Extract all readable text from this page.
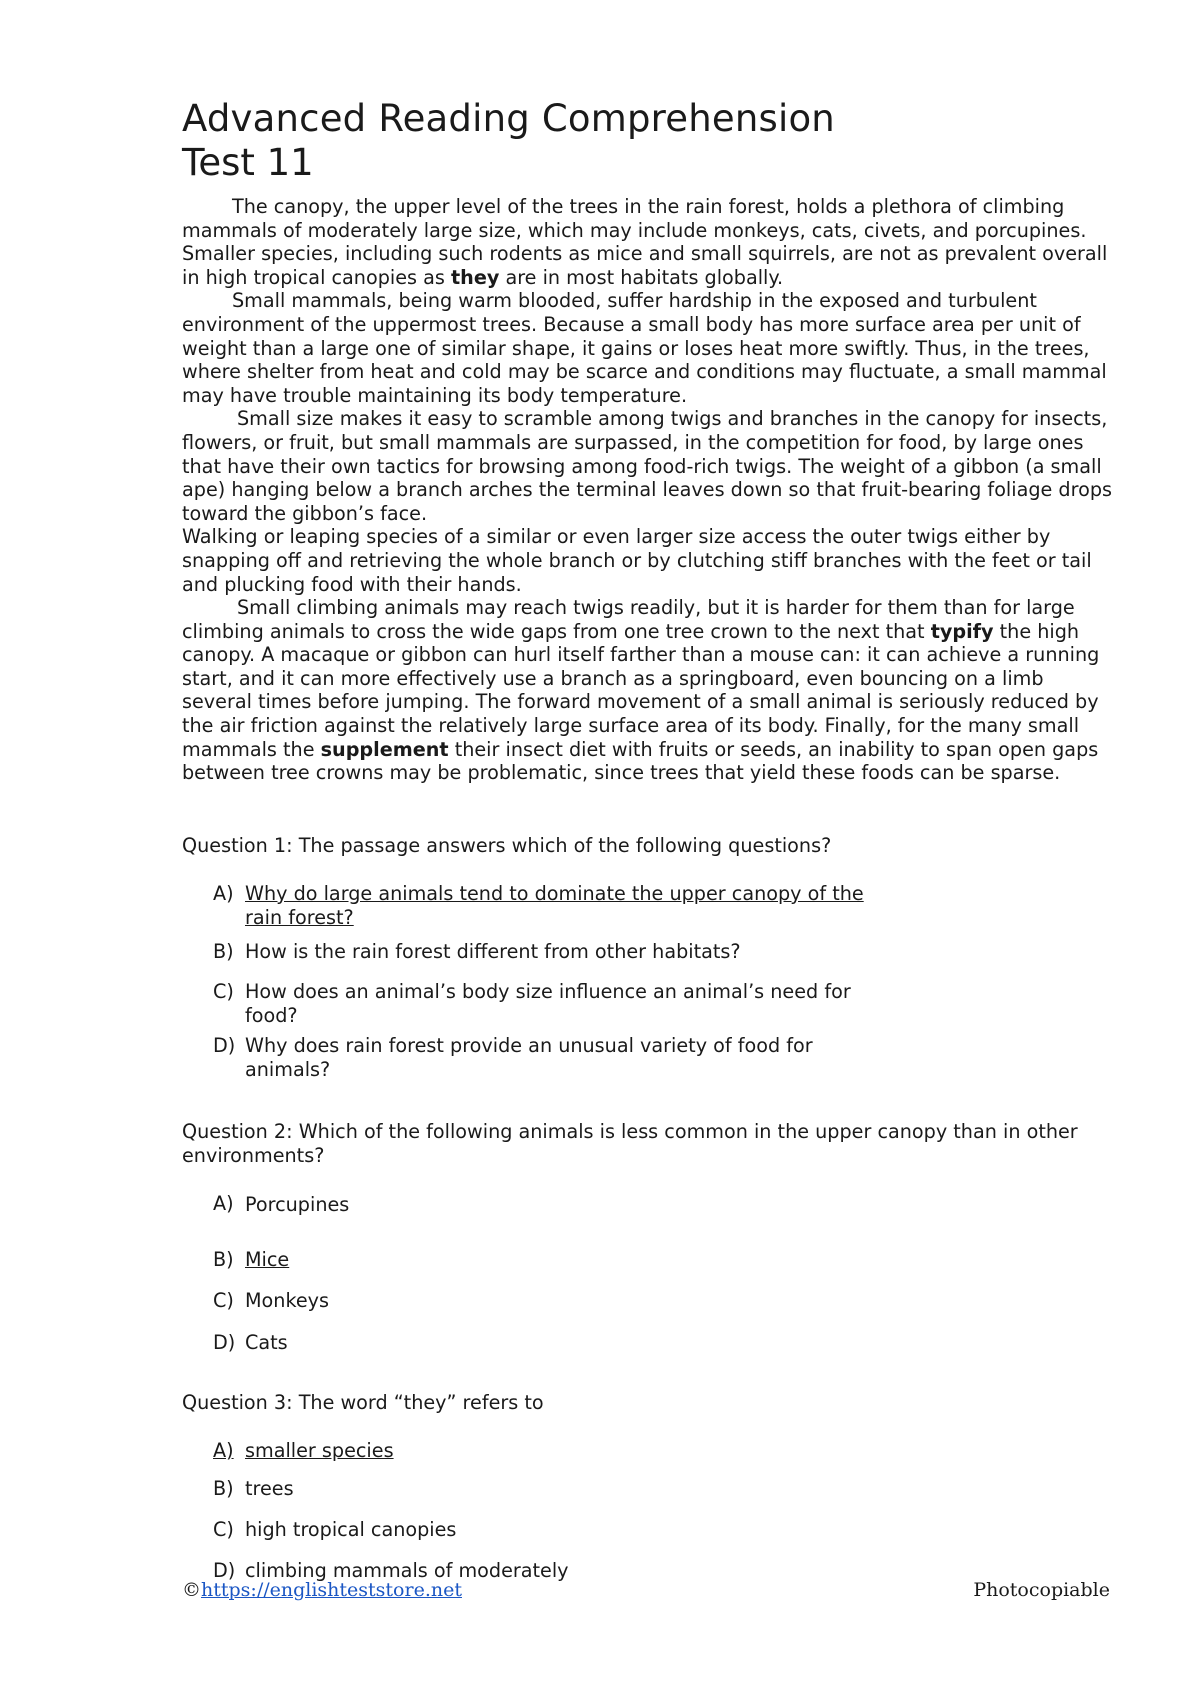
Advanced Reading Comprehension
Test 11

The canopy, the upper level of the trees in the rain forest, holds a plethora of climbing mammals of moderately large size, which may include monkeys, cats, civets, and porcupines. Smaller species, including such rodents as mice and small squirrels, are not as prevalent overall in high tropical canopies as they are in most habitats globally.

Small mammals, being warm blooded, suffer hardship in the exposed and turbulent environment of the uppermost trees. Because a small body has more surface area per unit of weight than a large one of similar shape, it gains or loses heat more swiftly. Thus, in the trees, where shelter from heat and cold may be scarce and conditions may fluctuate, a small mammal may have trouble maintaining its body temperature.

Small size makes it easy to scramble among twigs and branches in the canopy for insects, flowers, or fruit, but small mammals are surpassed, in the competition for food, by large ones that have their own tactics for browsing among food-rich twigs. The weight of a gibbon (a small ape) hanging below a branch arches the terminal leaves down so that fruit-bearing foliage drops toward the gibbon’s face.

Walking or leaping species of a similar or even larger size access the outer twigs either by snapping off and retrieving the whole branch or by clutching stiff branches with the feet or tail and plucking food with their hands.

Small climbing animals may reach twigs readily, but it is harder for them than for large climbing animals to cross the wide gaps from one tree crown to the next that typify the high canopy. A macaque or gibbon can hurl itself farther than a mouse can: it can achieve a running start, and it can more effectively use a branch as a springboard, even bouncing on a limb several times before jumping. The forward movement of a small animal is seriously reduced by the air friction against the relatively large surface area of its body. Finally, for the many small mammals the supplement their insect diet with fruits or seeds, an inability to span open gaps between tree crowns may be problematic, since trees that yield these foods can be sparse.

Question 1: The passage answers which of the following questions?

A) Why do large animals tend to dominate the upper canopy of the rain forest?
B) How is the rain forest different from other habitats?
C) How does an animal’s body size influence an animal’s need for food?
D) Why does rain forest provide an unusual variety of food for animals?

Question 2: Which of the following animals is less common in the upper canopy than in other environments?

A) Porcupines
B) Mice
C) Monkeys
D) Cats

Question 3: The word “they” refers to

A) smaller species
B) trees
C) high tropical canopies
D) climbing mammals of moderately
©https://englishteststore.net	Photocopiable
